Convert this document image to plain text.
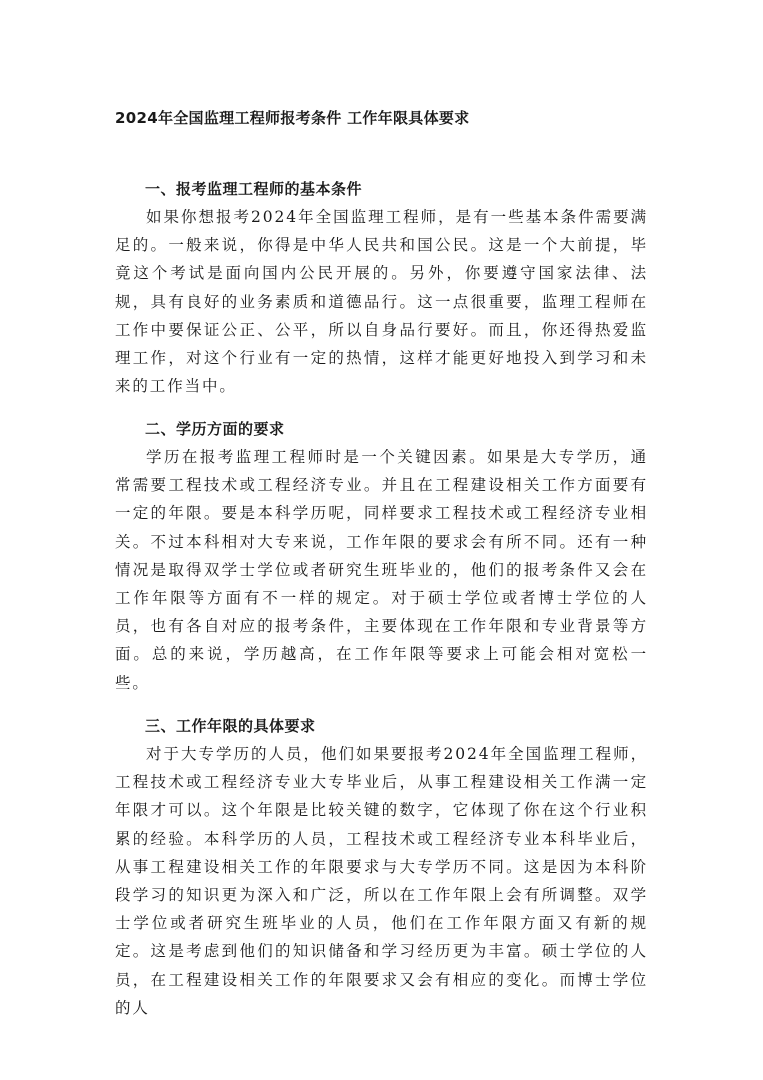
2024年全国监理工程师报考条件 工作年限具体要求
一、报考监理工程师的基本条件

如果你想报考2024年全国监理工程师，是有一些基本条件需要满足的。一般来说，你得是中华人民共和国公民。这是一个大前提，毕竟这个考试是面向国内公民开展的。另外，你要遵守国家法律、法规，具有良好的业务素质和道德品行。这一点很重要，监理工程师在工作中要保证公正、公平，所以自身品行要好。而且，你还得热爱监理工作，对这个行业有一定的热情，这样才能更好地投入到学习和未来的工作当中。

二、学历方面的要求

学历在报考监理工程师时是一个关键因素。如果是大专学历，通常需要工程技术或工程经济专业。并且在工程建设相关工作方面要有一定的年限。要是本科学历呢，同样要求工程技术或工程经济专业相关。不过本科相对大专来说，工作年限的要求会有所不同。还有一种情况是取得双学士学位或者研究生班毕业的，他们的报考条件又会在工作年限等方面有不一样的规定。对于硕士学位或者博士学位的人员，也有各自对应的报考条件，主要体现在工作年限和专业背景等方面。总的来说，学历越高，在工作年限等要求上可能会相对宽松一些。

三、工作年限的具体要求

对于大专学历的人员，他们如果要报考2024年全国监理工程师，工程技术或工程经济专业大专毕业后，从事工程建设相关工作满一定年限才可以。这个年限是比较关键的数字，它体现了你在这个行业积累的经验。本科学历的人员，工程技术或工程经济专业本科毕业后，从事工程建设相关工作的年限要求与大专学历不同。这是因为本科阶段学习的知识更为深入和广泛，所以在工作年限上会有所调整。双学士学位或者研究生班毕业的人员，他们在工作年限方面又有新的规定。这是考虑到他们的知识储备和学习经历更为丰富。硕士学位的人员，在工程建设相关工作的年限要求又会有相应的变化。而博士学位的人
